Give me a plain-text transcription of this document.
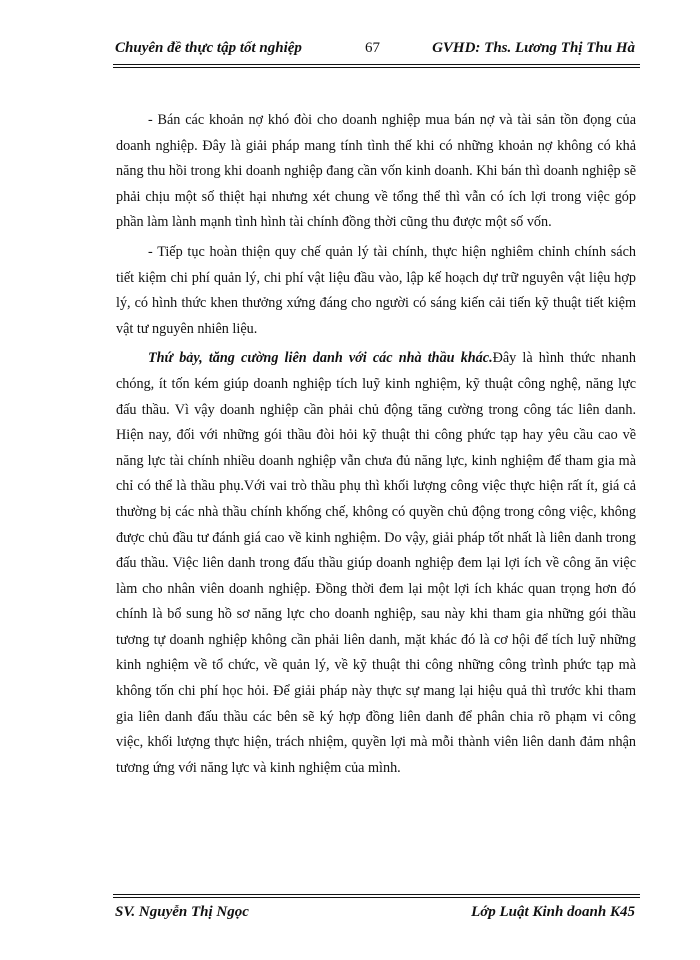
Chuyên đề thực tập tốt nghiệp	67	GVHD: Ths. Lương Thị Thu Hà

- Bán các khoản nợ khó đòi cho doanh nghiệp mua bán nợ và tài sản tồn đọng của doanh nghiệp. Đây là giải pháp mang tính tình thế khi có những khoản nợ không có khả năng thu hồi trong khi doanh nghiệp đang cần vốn kinh doanh. Khi bán thì doanh nghiệp sẽ phải chịu một số thiệt hại nhưng xét chung về tổng thể thì vẫn có ích lợi trong việc góp phần làm lành mạnh tình hình tài chính đồng thời cũng thu được một số vốn.

- Tiếp tục hoàn thiện quy chế quản lý tài chính, thực hiện nghiêm chỉnh chính sách tiết kiệm chi phí quản lý, chi phí vật liệu đầu vào, lập kế hoạch dự trữ nguyên vật liệu hợp lý, có hình thức khen thưởng xứng đáng cho người có sáng kiến cải tiến kỹ thuật tiết kiệm vật tư nguyên nhiên liệu.

Thứ bảy, tăng cường liên danh với các nhà thầu khác.Đây là hình thức nhanh chóng, ít tốn kém giúp doanh nghiệp tích luỹ kinh nghiệm, kỹ thuật công nghệ, năng lực đấu thầu. Vì vậy doanh nghiệp cần phải chủ động tăng cường trong công tác liên danh. Hiện nay, đối với những gói thầu đòi hỏi kỹ thuật thi công phức tạp hay yêu cầu cao về năng lực tài chính nhiều doanh nghiệp vẫn chưa đủ năng lực, kinh nghiệm để tham gia mà chỉ có thể là thầu phụ.Với vai trò thầu phụ thì khối lượng công việc thực hiện rất ít, giá cả thường bị các nhà thầu chính khống chế, không có quyền chủ động trong công việc, không được chủ đầu tư đánh giá cao về kinh nghiệm. Do vậy, giải pháp tốt nhất là liên danh trong đấu thầu. Việc liên danh trong đấu thầu giúp doanh nghiệp đem lại lợi ích về công ăn việc làm cho nhân viên doanh nghiệp. Đồng thời đem lại một lợi ích khác quan trọng hơn đó chính là bổ sung hồ sơ năng lực cho doanh nghiệp, sau này khi tham gia những gói thầu tương tự doanh nghiệp không cần phải liên danh, mặt khác đó là cơ hội để tích luỹ những kinh nghiệm về tổ chức, về quản lý, về kỹ thuật thi công những công trình phức tạp mà không tốn chi phí học hỏi. Để giải pháp này thực sự mang lại hiệu quả thì trước khi tham gia liên danh đấu thầu các bên sẽ ký hợp đồng liên danh để phân chia rõ phạm vi công việc, khối lượng thực hiện, trách nhiệm, quyền lợi mà mỗi thành viên liên danh đảm nhận tương ứng với năng lực và kinh nghiệm của mình.

SV. Nguyễn Thị Ngọc	Lớp Luật Kinh doanh K45
